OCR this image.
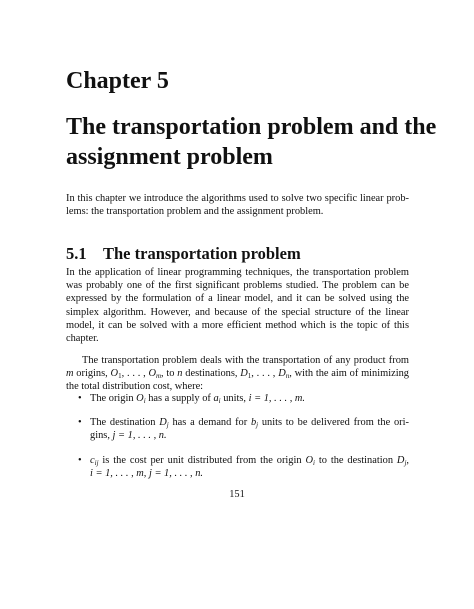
Chapter 5
The transportation problem and the
assignment problem
In this chapter we introduce the algorithms used to solve two specific linear prob-
lems: the transportation problem and the assignment problem.
5.1 The transportation problem
In the application of linear programming techniques, the transportation problem
was probably one of the first significant problems studied. The problem can be
expressed by the formulation of a linear model, and it can be solved using the
simplex algorithm. However, and because of the special structure of the linear
model, it can be solved with a more efficient method which is the topic of this
chapter.
The transportation problem deals with the transportation of any product from
m origins, $O_1$, . . . , $O_m$, to n destinations, $D_1$, . . . , $D_n$, with the aim of minimizing
the total distribution cost, where:
• The origin $O_i$ has a supply of $a_i$ units, i = 1, . . . , m.
• The destination $D_j$ has a demand for $b_j$ units to be delivered from the ori-
gins, j = 1, . . . , n.
• $c_{ij}$ is the cost per unit distributed from the origin $O_i$ to the destination $D_j$,
i = 1, . . . , m, j = 1, . . . , n.
151
